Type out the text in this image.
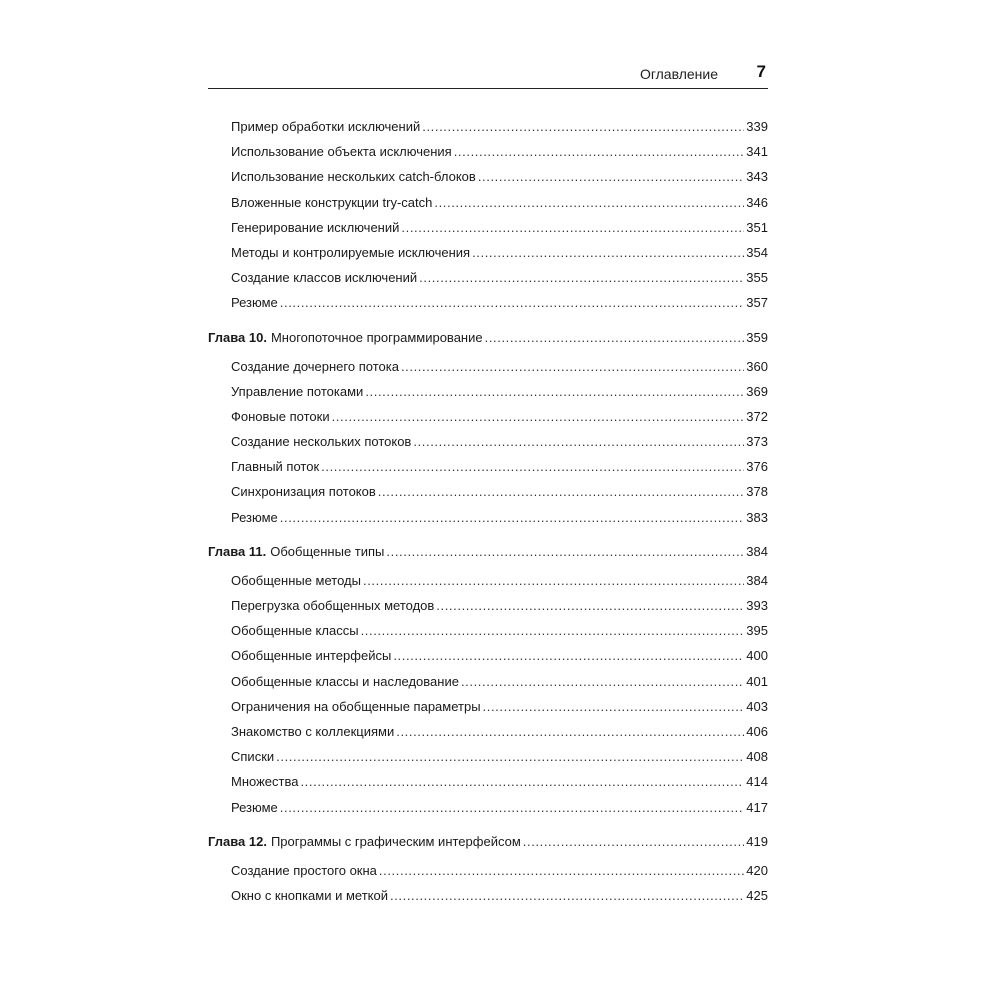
Оглавление 7
Пример обработки исключений .....	339
Использование объекта исключения .....	341
Использование нескольких catch-блоков .....	343
Вложенные конструкции try-catch .....	346
Генерирование исключений .....	351
Методы и контролируемые исключения .....	354
Создание классов исключений .....	355
Резюме .....	357
Глава 10. Многопоточное программирование .....	359
Создание дочернего потока .....	360
Управление потоками .....	369
Фоновые потоки .....	372
Создание нескольких потоков .....	373
Главный поток .....	376
Синхронизация потоков .....	378
Резюме .....	383
Глава 11. Обобщенные типы .....	384
Обобщенные методы .....	384
Перегрузка обобщенных методов .....	393
Обобщенные классы .....	395
Обобщенные интерфейсы .....	400
Обобщенные классы и наследование .....	401
Ограничения на обобщенные параметры .....	403
Знакомство с коллекциями .....	406
Списки .....	408
Множества .....	414
Резюме .....	417
Глава 12. Программы с графическим интерфейсом .....	419
Создание простого окна .....	420
Окно с кнопками и меткой .....	425
